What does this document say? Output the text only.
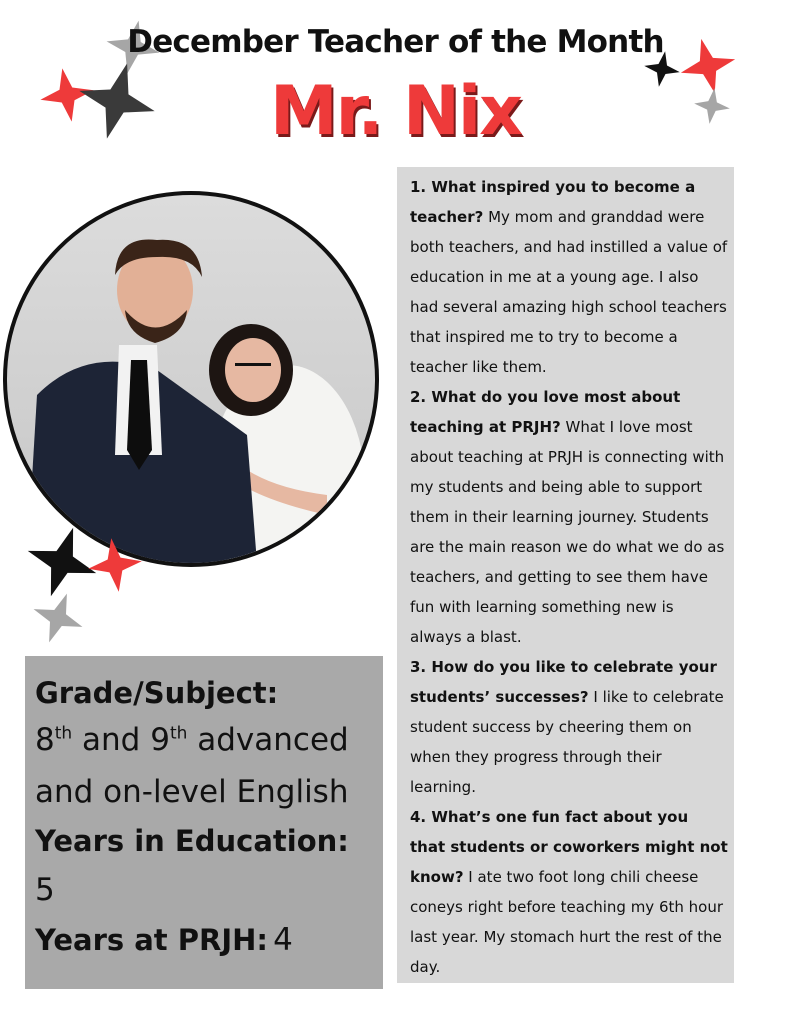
December Teacher of the Month
Mr. Nix
Grade/Subject:
8th and 9th advanced
and on-level English
Years in Education:
5
Years at PRJH: 4

1. What inspired you to become a teacher? My mom and granddad were both teachers, and had instilled a value of education in me at a young age. I also had several amazing high school teachers that inspired me to try to become a teacher like them.
2. What do you love most about teaching at PRJH? What I love most about teaching at PRJH is connecting with my students and being able to support them in their learning journey. Students are the main reason we do what we do as teachers, and getting to see them have fun with learning something new is always a blast.
3. How do you like to celebrate your students’ successes? I like to celebrate student success by cheering them on when they progress through their learning.
4. What’s one fun fact about you that students or coworkers might not know? I ate two foot long chili cheese coneys right before teaching my 6th hour last year. My stomach hurt the rest of the day.
